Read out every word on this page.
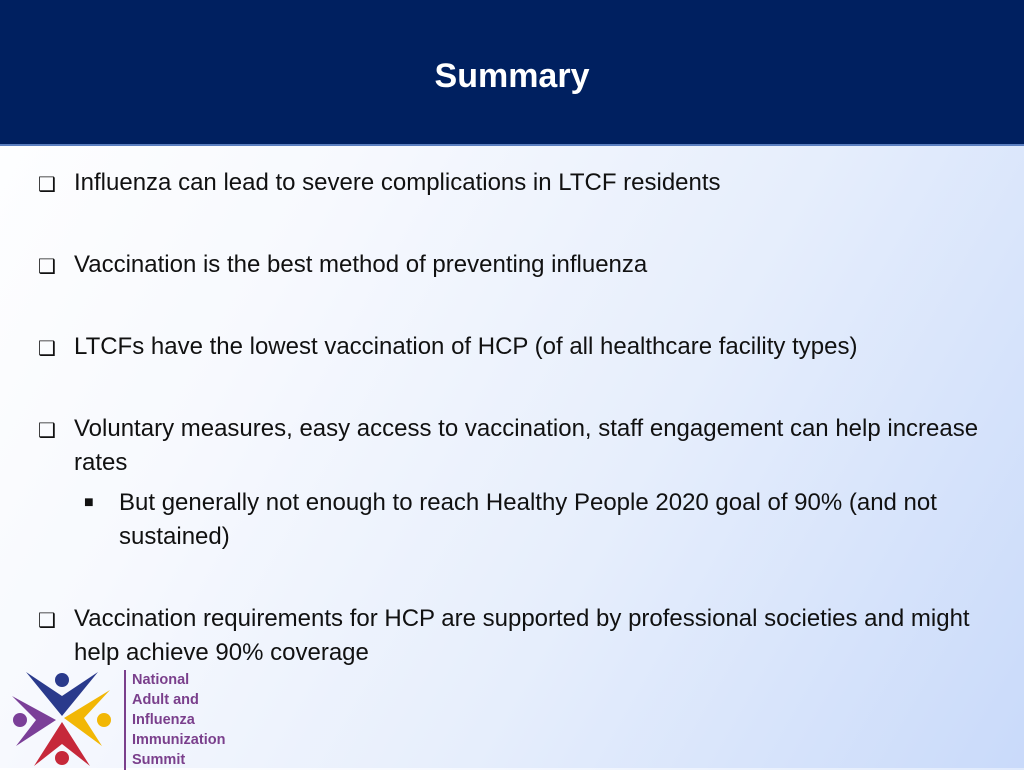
Summary
❑ Influenza can lead to severe complications in LTCF residents
❑ Vaccination is the best method of preventing influenza
❑ LTCFs have the lowest vaccination of HCP (of all healthcare facility types)
❑ Voluntary measures, easy access to vaccination, staff engagement can help increase rates
■ But generally not enough to reach Healthy People 2020 goal of 90% (and not sustained)
❑ Vaccination requirements for HCP are supported by professional societies and might help achieve 90% coverage
National
Adult and
Influenza
Immunization
Summit
